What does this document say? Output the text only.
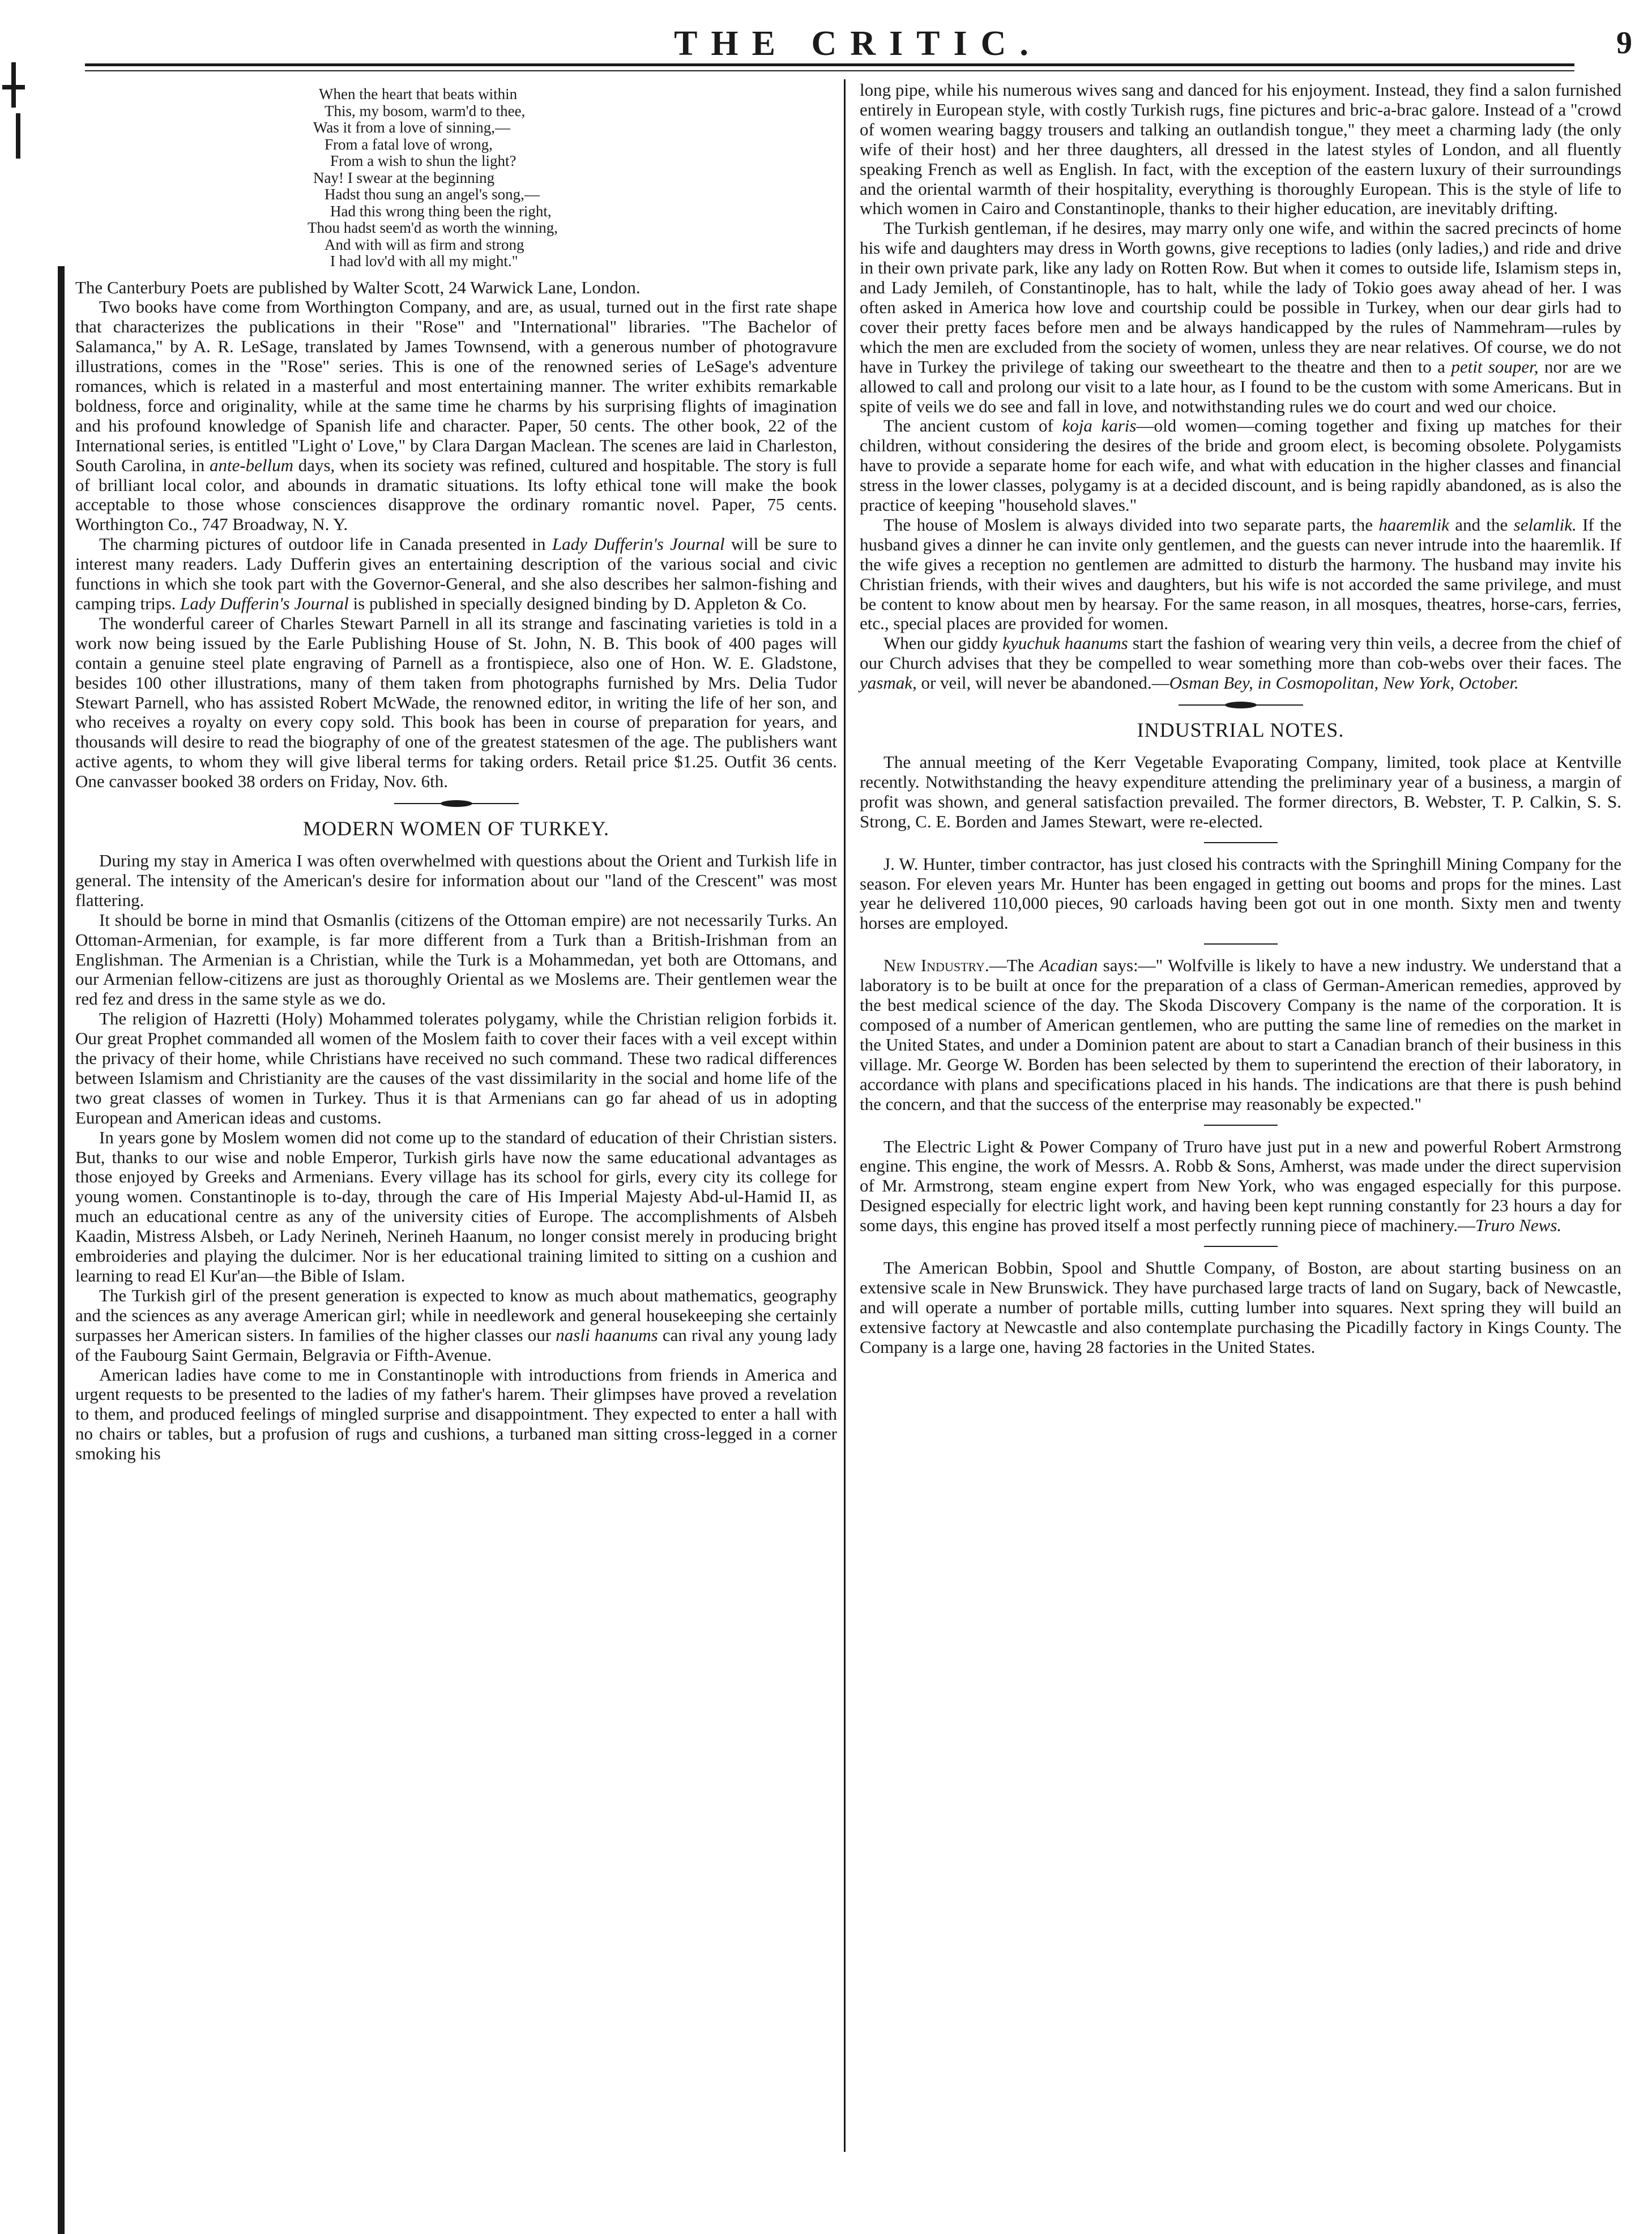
THE CRITIC.	9
When the heart that beats within
This, my bosom, warm'd to thee,
Was it from a love of sinning,—
From a fatal love of wrong,
From a wish to shun the light?
Nay! I swear at the beginning
Hadst thou sung an angel's song,—
Had this wrong thing been the right,
Thou hadst seem'd as worth the winning,
And with will as firm and strong
I had lov'd with all my might."

The Canterbury Poets are published by Walter Scott, 24 Warwick Lane, London.

Two books have come from Worthington Company, and are, as usual, turned out in the first rate shape that characterizes the publications in their "Rose" and "International" libraries. "The Bachelor of Salamanca," by A. R. LeSage, translated by James Townsend, with a generous number of photogravure illustrations, comes in the "Rose" series. This is one of the renowned series of LeSage's adventure romances, which is related in a masterful and most entertaining manner. The writer exhibits remarkable boldness, force and originality, while at the same time he charms by his surprising flights of imagination and his profound knowledge of Spanish life and character. Paper, 50 cents. The other book, 22 of the International series, is entitled "Light o' Love," by Clara Dargan Maclean. The scenes are laid in Charleston, South Carolina, in ante-bellum days, when its society was refined, cultured and hospitable. The story is full of brilliant local color, and abounds in dramatic situations. Its lofty ethical tone will make the book acceptable to those whose consciences disapprove the ordinary romantic novel. Paper, 75 cents. Worthington Co., 747 Broadway, N. Y.

The charming pictures of outdoor life in Canada presented in Lady Dufferin's Journal will be sure to interest many readers. Lady Dufferin gives an entertaining description of the various social and civic functions in which she took part with the Governor-General, and she also describes her salmon-fishing and camping trips. Lady Dufferin's Journal is published in specially designed binding by D. Appleton & Co.

The wonderful career of Charles Stewart Parnell in all its strange and fascinating varieties is told in a work now being issued by the Earle Publishing House of St. John, N. B. This book of 400 pages will contain a genuine steel plate engraving of Parnell as a frontispiece, also one of Hon. W. E. Gladstone, besides 100 other illustrations, many of them taken from photographs furnished by Mrs. Delia Tudor Stewart Parnell, who has assisted Robert McWade, the renowned editor, in writing the life of her son, and who receives a royalty on every copy sold. This book has been in course of preparation for years, and thousands will desire to read the biography of one of the greatest statesmen of the age. The publishers want active agents, to whom they will give liberal terms for taking orders. Retail price $1.25. Outfit 36 cents. One canvasser booked 38 orders on Friday, Nov. 6th.

MODERN WOMEN OF TURKEY.

During my stay in America I was often overwhelmed with questions about the Orient and Turkish life in general. The intensity of the American's desire for information about our "land of the Crescent" was most flattering.

It should be borne in mind that Osmanlis (citizens of the Ottoman empire) are not necessarily Turks. An Ottoman-Armenian, for example, is far more different from a Turk than a British-Irishman from an Englishman. The Armenian is a Christian, while the Turk is a Mohammedan, yet both are Ottomans, and our Armenian fellow-citizens are just as thoroughly Oriental as we Moslems are. Their gentlemen wear the red fez and dress in the same style as we do.

The religion of Hazretti (Holy) Mohammed tolerates polygamy, while the Christian religion forbids it. Our great Prophet commanded all women of the Moslem faith to cover their faces with a veil except within the privacy of their home, while Christians have received no such command. These two radical differences between Islamism and Christianity are the causes of the vast dissimilarity in the social and home life of the two great classes of women in Turkey. Thus it is that Armenians can go far ahead of us in adopting European and American ideas and customs.

In years gone by Moslem women did not come up to the standard of education of their Christian sisters. But, thanks to our wise and noble Emperor, Turkish girls have now the same educational advantages as those enjoyed by Greeks and Armenians. Every village has its school for girls, every city its college for young women. Constantinople is to-day, through the care of His Imperial Majesty Abd-ul-Hamid II, as much an educational centre as any of the university cities of Europe. The accomplishments of Alsbeh Kaadin, Mistress Alsbeh, or Lady Nerineh, Nerineh Haanum, no longer consist merely in producing bright embroideries and playing the dulcimer. Nor is her educational training limited to sitting on a cushion and learning to read El Kur'an—the Bible of Islam.

The Turkish girl of the present generation is expected to know as much about mathematics, geography and the sciences as any average American girl; while in needlework and general housekeeping she certainly surpasses her American sisters. In families of the higher classes our nasli haanums can rival any young lady of the Faubourg Saint Germain, Belgravia or Fifth-Avenue.

American ladies have come to me in Constantinople with introductions from friends in America and urgent requests to be presented to the ladies of my father's harem. Their glimpses have proved a revelation to them, and produced feelings of mingled surprise and disappointment. They expected to enter a hall with no chairs or tables, but a profusion of rugs and cushions, a turbaned man sitting cross-legged in a corner smoking his

long pipe, while his numerous wives sang and danced for his enjoyment. Instead, they find a salon furnished entirely in European style, with costly Turkish rugs, fine pictures and bric-a-brac galore. Instead of a "crowd of women wearing baggy trousers and talking an outlandish tongue," they meet a charming lady (the only wife of their host) and her three daughters, all dressed in the latest styles of London, and all fluently speaking French as well as English. In fact, with the exception of the eastern luxury of their surroundings and the oriental warmth of their hospitality, everything is thoroughly European. This is the style of life to which women in Cairo and Constantinople, thanks to their higher education, are inevitably drifting.

The Turkish gentleman, if he desires, may marry only one wife, and within the sacred precincts of home his wife and daughters may dress in Worth gowns, give receptions to ladies (only ladies,) and ride and drive in their own private park, like any lady on Rotten Row. But when it comes to outside life, Islamism steps in, and Lady Jemileh, of Constantinople, has to halt, while the lady of Tokio goes away ahead of her. I was often asked in America how love and courtship could be possible in Turkey, when our dear girls had to cover their pretty faces before men and be always handicapped by the rules of Nammehram—rules by which the men are excluded from the society of women, unless they are near relatives. Of course, we do not have in Turkey the privilege of taking our sweetheart to the theatre and then to a petit souper, nor are we allowed to call and prolong our visit to a late hour, as I found to be the custom with some Americans. But in spite of veils we do see and fall in love, and notwithstanding rules we do court and wed our choice.

The ancient custom of koja karis—old women—coming together and fixing up matches for their children, without considering the desires of the bride and groom elect, is becoming obsolete. Polygamists have to provide a separate home for each wife, and what with education in the higher classes and financial stress in the lower classes, polygamy is at a decided discount, and is being rapidly abandoned, as is also the practice of keeping "household slaves."

The house of Moslem is always divided into two separate parts, the haaremlik and the selamlik. If the husband gives a dinner he can invite only gentlemen, and the guests can never intrude into the haaremlik. If the wife gives a reception no gentlemen are admitted to disturb the harmony. The husband may invite his Christian friends, with their wives and daughters, but his wife is not accorded the same privilege, and must be content to know about men by hearsay. For the same reason, in all mosques, theatres, horse-cars, ferries, etc., special places are provided for women.

When our giddy kyuchuk haanums start the fashion of wearing very thin veils, a decree from the chief of our Church advises that they be compelled to wear something more than cob-webs over their faces. The yasmak, or veil, will never be abandoned.—Osman Bey, in Cosmopolitan, New York, October.

INDUSTRIAL NOTES.

The annual meeting of the Kerr Vegetable Evaporating Company, limited, took place at Kentville recently. Notwithstanding the heavy expenditure attending the preliminary year of a business, a margin of profit was shown, and general satisfaction prevailed. The former directors, B. Webster, T. P. Calkin, S. S. Strong, C. E. Borden and James Stewart, were re-elected.

J. W. Hunter, timber contractor, has just closed his contracts with the Springhill Mining Company for the season. For eleven years Mr. Hunter has been engaged in getting out booms and props for the mines. Last year he delivered 110,000 pieces, 90 carloads having been got out in one month. Sixty men and twenty horses are employed.

New Industry.—The Acadian says:—" Wolfville is likely to have a new industry. We understand that a laboratory is to be built at once for the preparation of a class of German-American remedies, approved by the best medical science of the day. The Skoda Discovery Company is the name of the corporation. It is composed of a number of American gentlemen, who are putting the same line of remedies on the market in the United States, and under a Dominion patent are about to start a Canadian branch of their business in this village. Mr. George W. Borden has been selected by them to superintend the erection of their laboratory, in accordance with plans and specifications placed in his hands. The indications are that there is push behind the concern, and that the success of the enterprise may reasonably be expected."

The Electric Light & Power Company of Truro have just put in a new and powerful Robert Armstrong engine. This engine, the work of Messrs. A. Robb & Sons, Amherst, was made under the direct supervision of Mr. Armstrong, steam engine expert from New York, who was engaged especially for this purpose. Designed especially for electric light work, and having been kept running constantly for 23 hours a day for some days, this engine has proved itself a most perfectly running piece of machinery.—Truro News.

The American Bobbin, Spool and Shuttle Company, of Boston, are about starting business on an extensive scale in New Brunswick. They have purchased large tracts of land on Sugary, back of Newcastle, and will operate a number of portable mills, cutting lumber into squares. Next spring they will build an extensive factory at Newcastle and also contemplate purchasing the Picadilly factory in Kings County. The Company is a large one, having 28 factories in the United States.
